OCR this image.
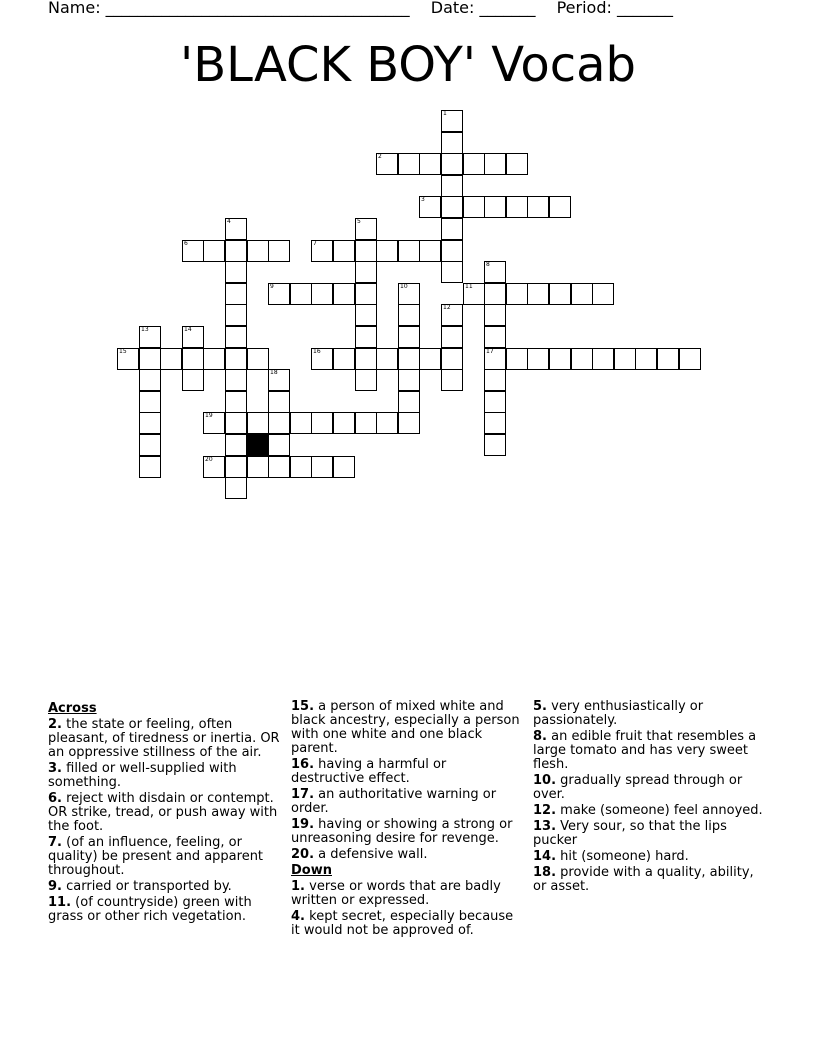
Name: ______________________________________ Date: _______ Period: _______
'BLACK BOY' Vocab
1
2
3
4	5
6	7
8
17
9	10	11
12
13	14
15	16
18
19
20
Across
2. the state or feeling, often pleasant, of tiredness or inertia. OR an oppressive stillness of the air.
3. filled or well-supplied with something.
6. reject with disdain or contempt. OR strike, tread, or push away with the foot.
7. (of an influence, feeling, or quality) be present and apparent throughout.
9. carried or transported by.
11. (of countryside) green with grass or other rich vegetation.
15. a person of mixed white and black ancestry, especially a person with one white and one black parent.
16. having a harmful or destructive effect.
17. an authoritative warning or order.
19. having or showing a strong or unreasoning desire for revenge.
20. a defensive wall.
Down
1. verse or words that are badly written or expressed.
4. kept secret, especially because it would not be approved of.
5. very enthusiastically or passionately.
8. an edible fruit that resembles a large tomato and has very sweet flesh.
10. gradually spread through or over.
12. make (someone) feel annoyed.
13. Very sour, so that the lips pucker
14. hit (someone) hard.
18. provide with a quality, ability, or asset.
